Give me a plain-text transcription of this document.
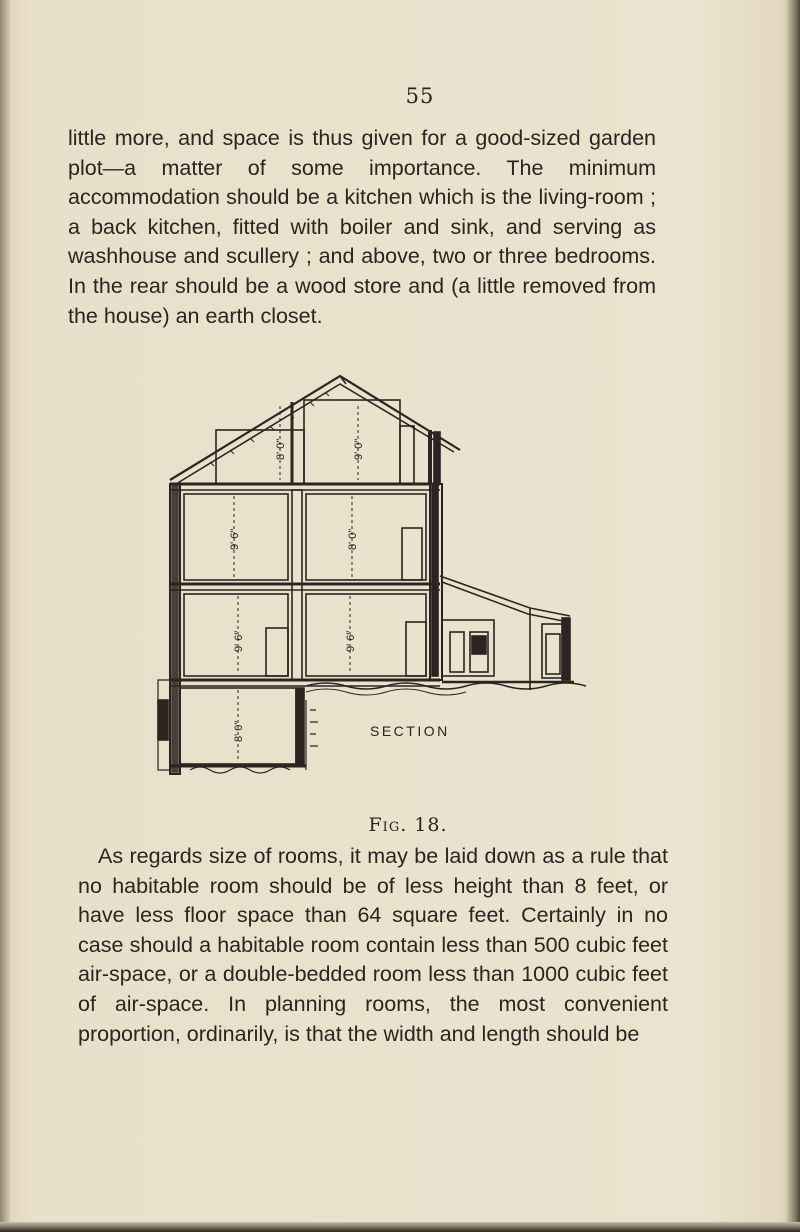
55

little more, and space is thus given for a good-sized garden plot—a matter of some importance. The minimum accommodation should be a kitchen which is the living-room ; a back kitchen, fitted with boiler and sink, and serving as washhouse and scullery ; and above, two or three bedrooms. In the rear should be a wood store and (a little removed from the house) an earth closet.

8' 0"	9' 0"
9' 6"	8' 0"
9' 6"	9' 6"
8' 0"	SECTION
Fig. 18.

As regards size of rooms, it may be laid down as a rule that no habitable room should be of less height than 8 feet, or have less floor space than 64 square feet. Certainly in no case should a habitable room contain less than 500 cubic feet air-space, or a double-bedded room less than 1000 cubic feet of air-space. In planning rooms, the most convenient proportion, ordinarily, is that the width and length should be
